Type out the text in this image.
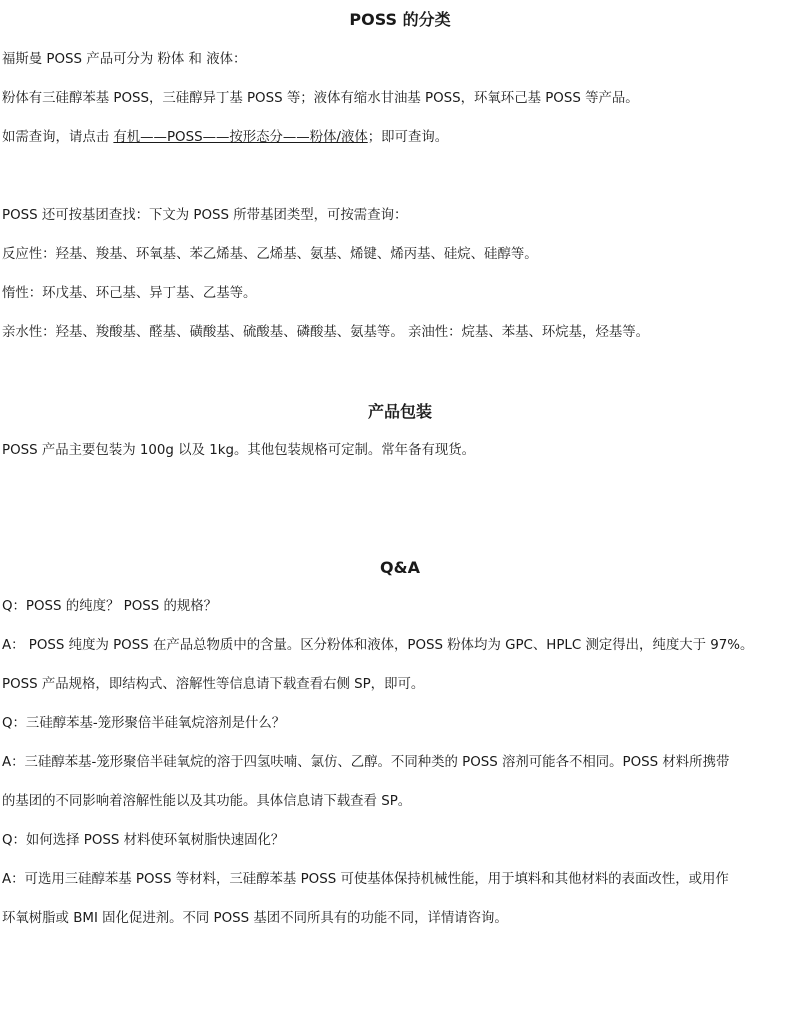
POSS 的分类

福斯曼 POSS 产品可分为 粉体 和 液体：

粉体有三硅醇苯基 POSS，三硅醇异丁基 POSS 等；液体有缩水甘油基 POSS，环氧环己基 POSS 等产品。

如需查询，请点击 有机——POSS——按形态分——粉体/液体；即可查询。

POSS 还可按基团查找：下文为 POSS 所带基团类型，可按需查询：

反应性：羟基、羧基、环氧基、苯乙烯基、乙烯基、氨基、烯键、烯丙基、硅烷、硅醇等。

惰性：环戊基、环己基、异丁基、乙基等。

亲水性：羟基、羧酸基、醛基、磺酸基、硫酸基、磷酸基、氨基等。 亲油性：烷基、苯基、环烷基，烃基等。

产品包装

POSS 产品主要包装为 100g 以及 1kg。其他包装规格可定制。常年备有现货。

Q&A

Q：POSS 的纯度？ POSS 的规格？

A： POSS 纯度为 POSS 在产品总物质中的含量。区分粉体和液体，POSS 粉体均为 GPC、HPLC 测定得出，纯度大于 97%。

POSS 产品规格，即结构式、溶解性等信息请下载查看右侧 SP，即可。

Q：三硅醇苯基-笼形聚倍半硅氧烷溶剂是什么？

A：三硅醇苯基-笼形聚倍半硅氧烷的溶于四氢呋喃、氯仿、乙醇。不同种类的 POSS 溶剂可能各不相同。POSS 材料所携带

的基团的不同影响着溶解性能以及其功能。具体信息请下载查看 SP。

Q：如何选择 POSS 材料使环氧树脂快速固化？

A：可选用三硅醇苯基 POSS 等材料，三硅醇苯基 POSS 可使基体保持机械性能，用于填料和其他材料的表面改性，或用作

环氧树脂或 BMI 固化促进剂。不同 POSS 基团不同所具有的功能不同，详情请咨询。
